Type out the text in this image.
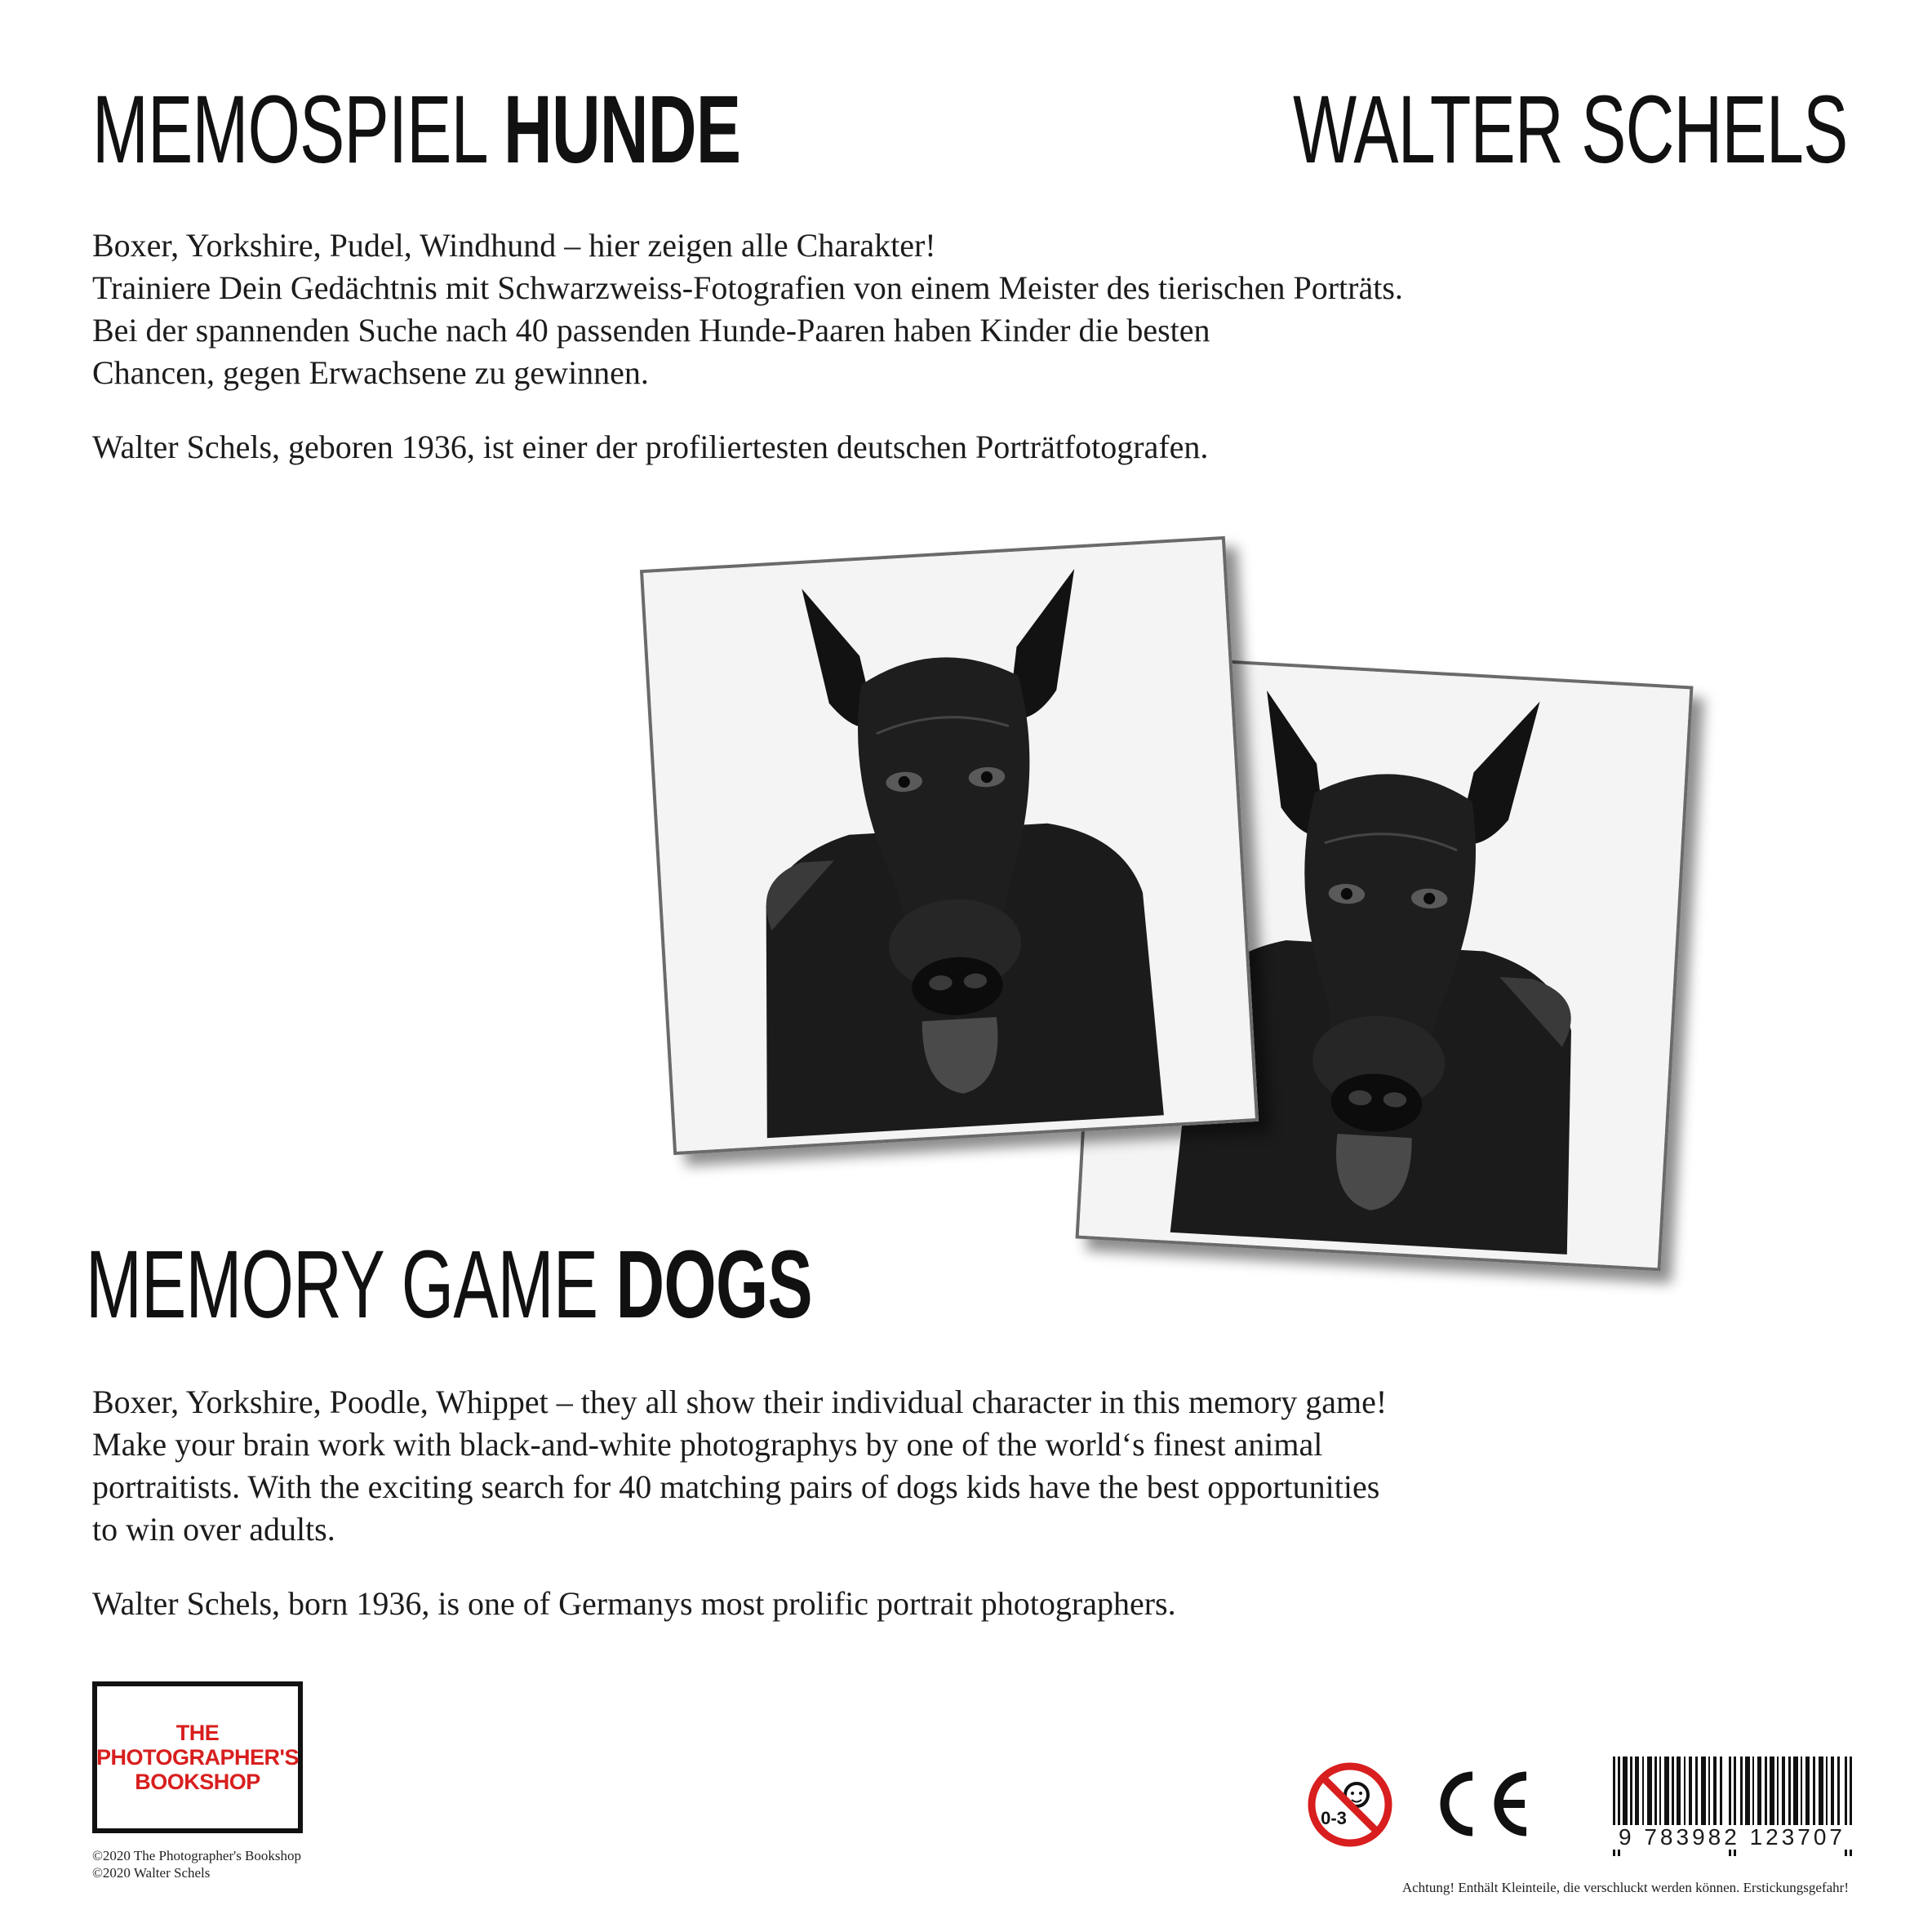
MEMOSPIEL HUNDE	WALTER SCHELS

Boxer, Yorkshire, Pudel, Windhund – hier zeigen alle Charakter!
Trainiere Dein Gedächtnis mit Schwarzweiss-Fotografien von einem Meister des tierischen Porträts.
Bei der spannenden Suche nach 40 passenden Hunde-Paaren haben Kinder die besten
Chancen, gegen Erwachsene zu gewinnen.

Walter Schels, geboren 1936, ist einer der profiliertesten deutschen Porträtfotografen.

MEMORY GAME DOGS

Boxer, Yorkshire, Poodle, Whippet – they all show their individual character in this memory game!
Make your brain work with black-and-white photographys by one of the world‘s finest animal
portraitists. With the exciting search for 40 matching pairs of dogs kids have the best opportunities
to win over adults.

Walter Schels, born 1936, is one of Germanys most prolific portrait photographers.

THE
PHOTOGRAPHER'S
BOOKSHOP
©2020 The Photographer's Bookshop
©2020 Walter Schels
0-3
9 783982 123707
Achtung! Enthält Kleinteile, die verschluckt werden können. Erstickungsgefahr!
